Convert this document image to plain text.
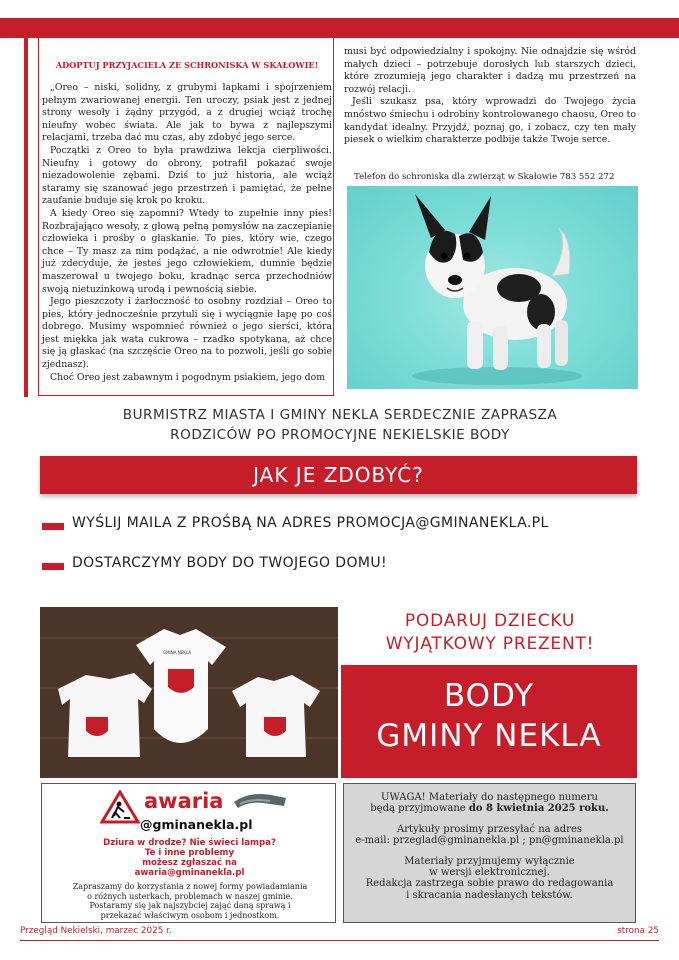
OGŁOSZENIA
ADOPTUJ PRZYJACIELA ZE SCHRONISKA W SKAŁOWIE!

„Oreo – niski, solidny, z grubymi łapkami i spojrzeniem pełnym zwariowanej energii. Ten uroczy, psiak jest z jednej strony wesoły i żądny przygód, a z drugiej wciąż trochę nieufny wobec świata. Ale jak to bywa z najlepszymi relacjami, trzeba dać mu czas, aby zdobyć jego serce.

Początki z Oreo to była prawdziwa lekcja cierpliwości. Nieufny i gotowy do obrony, potrafił pokazać swoje niezadowolenie zębami. Dziś to już historia, ale wciąż staramy się szanować jego przestrzeń i pamiętać, że pełne zaufanie buduje się krok po kroku.

A kiedy Oreo się zapomni? Wtedy to zupełnie inny pies! Rozbrajająco wesoły, z głową pełną pomysłów na zaczepianie człowieka i prośby o głaskanie. To pies, który wie, czego chce – Ty masz za nim podążać, a nie odwrotnie! Ale kiedy już zdecyduje, że jesteś jego człowiekiem, dumnie będzie maszerował u twojego boku, kradnąc serca przechodniów swoją nietuzinkową urodą i pewnością siebie.

Jego pieszczoty i żarłoczność to osobny rozdział – Oreo to pies, który jednocześnie przytuli się i wyciągnie łapę po coś dobrego. Musimy wspomnieć również o jego sierści, która jest miękka jak wata cukrowa – rzadko spotykana, aż chce się ją głaskać (na szczęście Oreo na to pozwoli, jeśli go sobie zjednasz).

Choć Oreo jest zabawnym i pogodnym psiakiem, jego dom

musi być odpowiedzialny i spokojny. Nie odnajdzie się wśród małych dzieci – potrzebuje dorosłych lub starszych dzieci, które zrozumieją jego charakter i dadzą mu przestrzeń na rozwój relacji.

Jeśli szukasz psa, który wprowadzi do Twojego życia mnóstwo śmiechu i odrobiny kontrolowanego chaosu, Oreo to kandydat idealny. Przyjdź, poznaj go, i zobacz, czy ten mały piesek o wielkim charakterze podbije także Twoje serce.

Telefon do schroniska dla zwierząt w Skałowie 783 552 272
BURMISTRZ MIASTA I GMINY NEKLA SERDECZNIE ZAPRASZA
RODZICÓW PO PROMOCYJNE NEKIELSKIE BODY
JAK JE ZDOBYĆ?
WYŚLIJ MAILA Z PROŚBĄ NA ADRES PROMOCJA@GMINANEKLA.PL
DOSTARCZYMY BODY DO TWOJEGO DOMU!
PODARUJ DZIECKU
WYJĄTKOWY PREZENT!
GMINA NEKLA
BODY
GMINY NEKLA
awaria
@gminanekla.pl
Dziura w drodze? Nie świeci lampa?
Te i inne problemy
możesz zgłaszać na
awaria@gminanekla.pl
Zapraszamy do korzystania z nowej formy powiadamiania o różnych usterkach, problemach w naszej gminie. Postaramy się jak najszybciej zająć daną sprawą i przekazać właściwym osobom i jednostkom.
UWAGA! Materiały do następnego numeru
będą przyjmowane do 8 kwietnia 2025 roku.
Artykuły prosimy przesyłać na adres
e-mail: przeglad@gminanekla.pl ; pn@gminanekla.pl
Materiały przyjmujemy wyłącznie
w wersji elektronicznej.
Redakcja zastrzega sobie prawo do redagowania
i skracania nadesłanych tekstów.
Przegląd Nekielski, marzec 2025 r.	strona 25
